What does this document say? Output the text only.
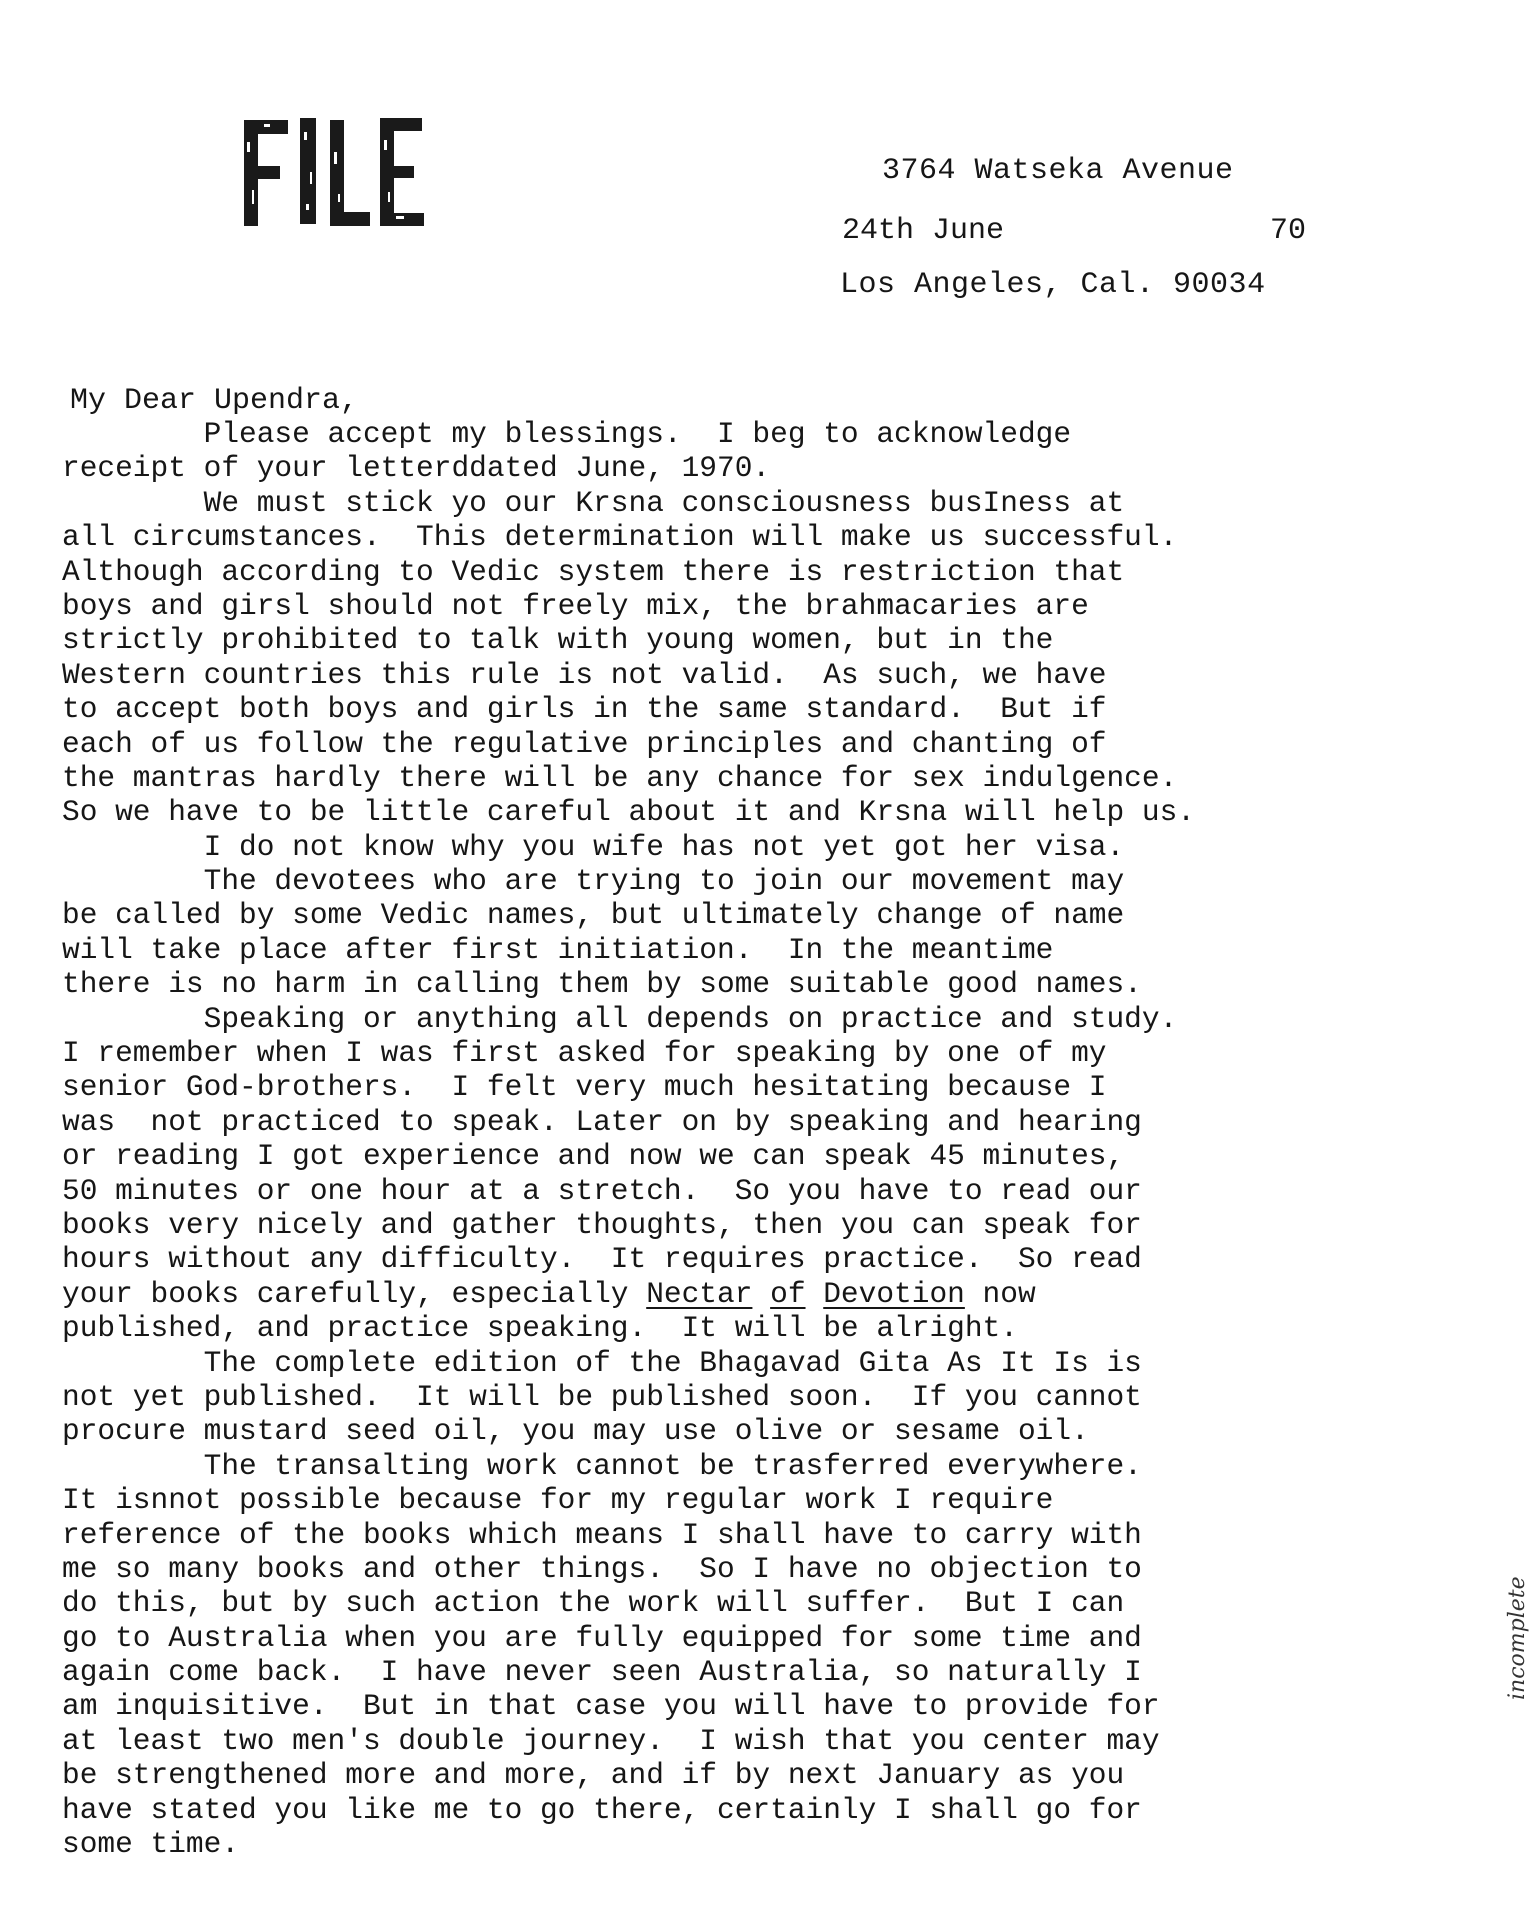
3764 Watseka Avenue

Los Angeles, Cal. 90034

24th June	70
My Dear Upendra,
Please accept my blessings.  I beg to acknowledge
receipt of your letterddated June, 1970.
We must stick yo our Krsna consciousness busIness at
all circumstances.  This determination will make us successful.
Although according to Vedic system there is restriction that
boys and girsl should not freely mix, the brahmacaries are
strictly prohibited to talk with young women, but in the
Western countries this rule is not valid.  As such, we have
to accept both boys and girls in the same standard.  But if
each of us follow the regulative principles and chanting of
the mantras hardly there will be any chance for sex indulgence.
So we have to be little careful about it and Krsna will help us.
I do not know why you wife has not yet got her visa.
The devotees who are trying to join our movement may
be called by some Vedic names, but ultimately change of name
will take place after first initiation.  In the meantime
there is no harm in calling them by some suitable good names.
Speaking or anything all depends on practice and study.
I remember when I was first asked for speaking by one of my
senior God-brothers.  I felt very much hesitating because I
was  not practiced to speak. Later on by speaking and hearing
or reading I got experience and now we can speak 45 minutes,
50 minutes or one hour at a stretch.  So you have to read our
books very nicely and gather thoughts, then you can speak for
hours without any difficulty.  It requires practice.  So read
your books carefully, especially Nectar of Devotion now
published, and practice speaking.  It will be alright.
The complete edition of the Bhagavad Gita As It Is is
not yet published.  It will be published soon.  If you cannot
procure mustard seed oil, you may use olive or sesame oil.
The transalting work cannot be trasferred everywhere.
It isnnot possible because for my regular work I require
reference of the books which means I shall have to carry with
me so many books and other things.  So I have no objection to
do this, but by such action the work will suffer.  But I can
go to Australia when you are fully equipped for some time and
again come back.  I have never seen Australia, so naturally I
am inquisitive.  But in that case you will have to provide for
at least two men's double journey.  I wish that you center may
be strengthened more and more, and if by next January as you
have stated you like me to go there, certainly I shall go for
some time.
incomplete
